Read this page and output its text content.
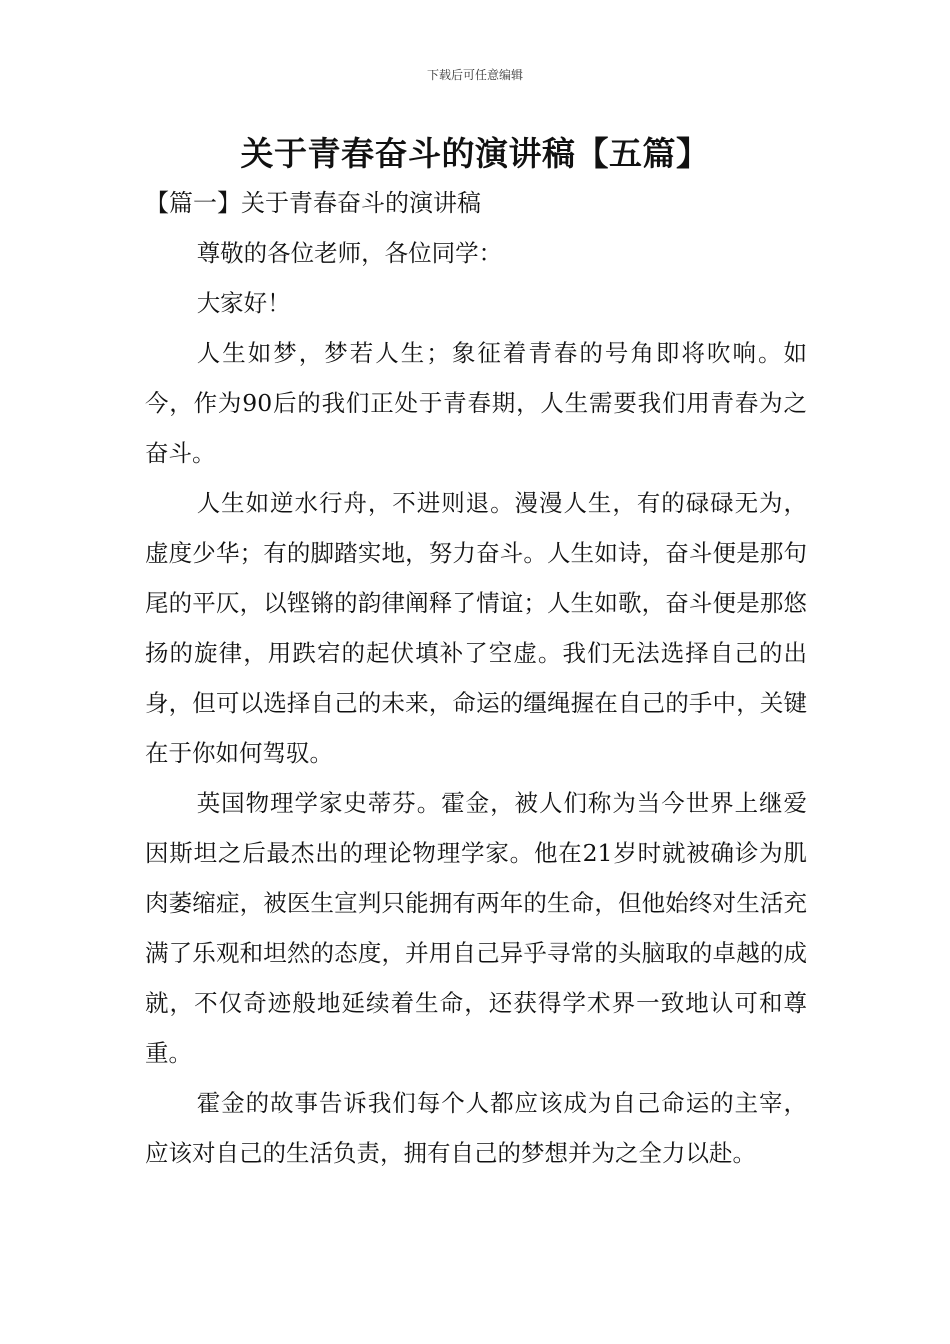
下载后可任意编辑
关于青春奋斗的演讲稿【五篇】
【篇一】关于青春奋斗的演讲稿

尊敬的各位老师，各位同学：

大家好！

人生如梦，梦若人生；象征着青春的号角即将吹响。如今，作为90后的我们正处于青春期，人生需要我们用青春为之奋斗。

人生如逆水行舟，不进则退。漫漫人生，有的碌碌无为，虚度少华；有的脚踏实地，努力奋斗。人生如诗，奋斗便是那句尾的平仄，以铿锵的韵律阐释了情谊；人生如歌，奋斗便是那悠扬的旋律，用跌宕的起伏填补了空虚。我们无法选择自己的出身，但可以选择自己的未来，命运的缰绳握在自己的手中，关键在于你如何驾驭。

英国物理学家史蒂芬。霍金，被人们称为当今世界上继爱因斯坦之后最杰出的理论物理学家。他在21岁时就被确诊为肌肉萎缩症，被医生宣判只能拥有两年的生命，但他始终对生活充满了乐观和坦然的态度，并用自己异乎寻常的头脑取的卓越的成就，不仅奇迹般地延续着生命，还获得学术界一致地认可和尊重。

霍金的故事告诉我们每个人都应该成为自己命运的主宰，应该对自己的生活负责，拥有自己的梦想并为之全力以赴。
